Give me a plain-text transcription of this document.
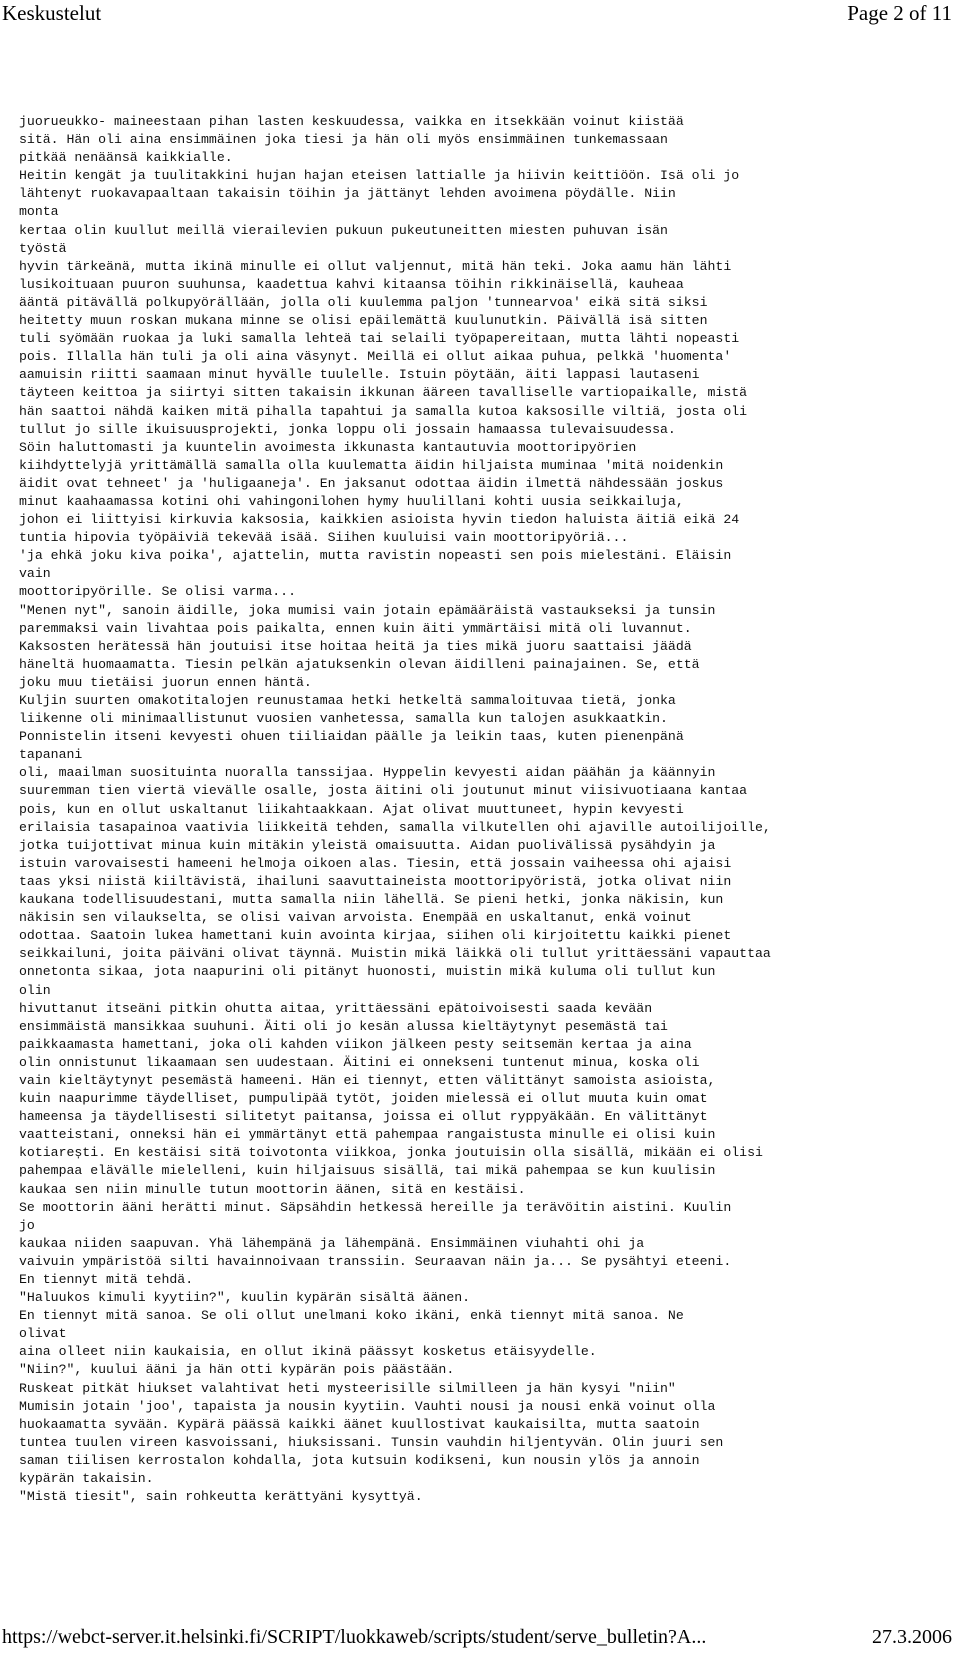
Keskustelut	Page 2 of 11
juorueukko- maineestaan pihan lasten keskuudessa, vaikka en itsekkään voinut kiistää
sitä. Hän oli aina ensimmäinen joka tiesi ja hän oli myös ensimmäinen tunkemassaan
pitkää nenäänsä kaikkialle.
Heitin kengät ja tuulitakkini hujan hajan eteisen lattialle ja hiivin keittiöön. Isä oli jo
lähtenyt ruokavapaaltaan takaisin töihin ja jättänyt lehden avoimena pöydälle. Niin
monta
kertaa olin kuullut meillä vierailevien pukuun pukeutuneitten miesten puhuvan isän
työstä
hyvin tärkeänä, mutta ikinä minulle ei ollut valjennut, mitä hän teki. Joka aamu hän lähti
lusikoituaan puuron suuhunsa, kaadettua kahvi kitaansa töihin rikkinäisellä, kauheaa
ääntä pitävällä polkupyörällään, jolla oli kuulemma paljon 'tunnearvoa' eikä sitä siksi
heitetty muun roskan mukana minne se olisi epäilemättä kuulunutkin. Päivällä isä sitten
tuli syömään ruokaa ja luki samalla lehteä tai selaili työpapereitaan, mutta lähti nopeasti
pois. Illalla hän tuli ja oli aina väsynyt. Meillä ei ollut aikaa puhua, pelkkä 'huomenta'
aamuisin riitti saamaan minut hyvälle tuulelle. Istuin pöytään, äiti lappasi lautaseni
täyteen keittoa ja siirtyi sitten takaisin ikkunan ääreen tavalliselle vartiopaikalle, mistä
hän saattoi nähdä kaiken mitä pihalla tapahtui ja samalla kutoa kaksosille viltiä, josta oli
tullut jo sille ikuisuusprojekti, jonka loppu oli jossain hamaassa tulevaisuudessa.
Söin haluttomasti ja kuuntelin avoimesta ikkunasta kantautuvia moottoripyörien
kiihdyttelyjä yrittämällä samalla olla kuulematta äidin hiljaista muminaa 'mitä noidenkin
äidit ovat tehneet' ja 'huligaaneja'. En jaksanut odottaa äidin ilmettä nähdessään joskus
minut kaahaamassa kotini ohi vahingonilohen hymy huulillani kohti uusia seikkailuja,
johon ei liittyisi kirkuvia kaksosia, kaikkien asioista hyvin tiedon haluista äitiä eikä 24
tuntia hipovia työpäiviä tekevää isää. Siihen kuuluisi vain moottoripyöriä...
'ja ehkä joku kiva poika', ajattelin, mutta ravistin nopeasti sen pois mielestäni. Eläisin
vain
moottoripyörille. Se olisi varma...
"Menen nyt", sanoin äidille, joka mumisi vain jotain epämääräistä vastaukseksi ja tunsin
paremmaksi vain livahtaa pois paikalta, ennen kuin äiti ymmärtäisi mitä oli luvannut.
Kaksosten herätessä hän joutuisi itse hoitaa heitä ja ties mikä juoru saattaisi jäädä
häneltä huomaamatta. Tiesin pelkän ajatuksenkin olevan äidilleni painajainen. Se, että
joku muu tietäisi juorun ennen häntä.
Kuljin suurten omakotitalojen reunustamaa hetki hetkeltä sammaloituvaa tietä, jonka
liikenne oli minimaallistunut vuosien vanhetessa, samalla kun talojen asukkaatkin.
Ponnistelin itseni kevyesti ohuen tiiliaidan päälle ja leikin taas, kuten pienenpänä
tapanani
oli, maailman suosituinta nuoralla tanssijaa. Hyppelin kevyesti aidan päähän ja käännyin
suuremman tien viertä vievälle osalle, josta äitini oli joutunut minut viisivuotiaana kantaa
pois, kun en ollut uskaltanut liikahtaakkaan. Ajat olivat muuttuneet, hypin kevyesti
erilaisia tasapainoa vaativia liikkeitä tehden, samalla vilkutellen ohi ajaville autoilijoille,
jotka tuijottivat minua kuin mitäkin yleistä omaisuutta. Aidan puolivälissä pysähdyin ja
istuin varovaisesti hameeni helmoja oikoen alas. Tiesin, että jossain vaiheessa ohi ajaisi
taas yksi niistä kiiltävistä, ihailuni saavuttaineista moottoripyöristä, jotka olivat niin
kaukana todellisuudestani, mutta samalla niin lähellä. Se pieni hetki, jonka näkisin, kun
näkisin sen vilaukselta, se olisi vaivan arvoista. Enempää en uskaltanut, enkä voinut
odottaa. Saatoin lukea hamettani kuin avointa kirjaa, siihen oli kirjoitettu kaikki pienet
seikkailuni, joita päiväni olivat täynnä. Muistin mikä läikkä oli tullut yrittäessäni vapauttaa
onnetonta sikaa, jota naapurini oli pitänyt huonosti, muistin mikä kuluma oli tullut kun
olin
hivuttanut itseäni pitkin ohutta aitaa, yrittäessäni epätoivoisesti saada kevään
ensimmäistä mansikkaa suuhuni. Äiti oli jo kesän alussa kieltäytynyt pesemästä tai
paikkaamasta hamettani, joka oli kahden viikon jälkeen pesty seitsemän kertaa ja aina
olin onnistunut likaamaan sen uudestaan. Äitini ei onnekseni tuntenut minua, koska oli
vain kieltäytynyt pesemästä hameeni. Hän ei tiennyt, etten välittänyt samoista asioista,
kuin naapurimme täydelliset, pumpulipää tytöt, joiden mielessä ei ollut muuta kuin omat
hameensa ja täydellisesti silitetyt paitansa, joissa ei ollut ryppyäkään. En välittänyt
vaatteistani, onneksi hän ei ymmärtänyt että pahempaa rangaistusta minulle ei olisi kuin
kotiarești. En kestäisi sitä toivotonta viikkoa, jonka joutuisin olla sisällä, mikään ei olisi
pahempaa elävälle mielelleni, kuin hiljaisuus sisällä, tai mikä pahempaa se kun kuulisin
kaukaa sen niin minulle tutun moottorin äänen, sitä en kestäisi.
Se moottorin ääni herätti minut. Säpsähdin hetkessä hereille ja terävöitin aistini. Kuulin
jo
kaukaa niiden saapuvan. Yhä lähempänä ja lähempänä. Ensimmäinen viuhahti ohi ja
vaivuin ympäristöä silti havainnoivaan transsiin. Seuraavan näin ja... Se pysähtyi eteeni.
En tiennyt mitä tehdä.
"Haluukos kimuli kyytiin?", kuulin kypärän sisältä äänen.
En tiennyt mitä sanoa. Se oli ollut unelmani koko ikäni, enkä tiennyt mitä sanoa. Ne
olivat
aina olleet niin kaukaisia, en ollut ikinä päässyt kosketus etäisyydelle.
"Niin?", kuului ääni ja hän otti kypärän pois päästään.
Ruskeat pitkät hiukset valahtivat heti mysteerisille silmilleen ja hän kysyi "niin"
Mumisin jotain 'joo', tapaista ja nousin kyytiin. Vauhti nousi ja nousi enkä voinut olla
huokaamatta syvään. Kypärä päässä kaikki äänet kuullostivat kaukaisilta, mutta saatoin
tuntea tuulen vireen kasvoissani, hiuksissani. Tunsin vauhdin hiljentyvän. Olin juuri sen
saman tiilisen kerrostalon kohdalla, jota kutsuin kodikseni, kun nousin ylös ja annoin
kypärän takaisin.
"Mistä tiesit", sain rohkeutta kerättyäni kysyttyä.
https://webct-server.it.helsinki.fi/SCRIPT/luokkaweb/scripts/student/serve_bulletin?A...	27.3.2006
